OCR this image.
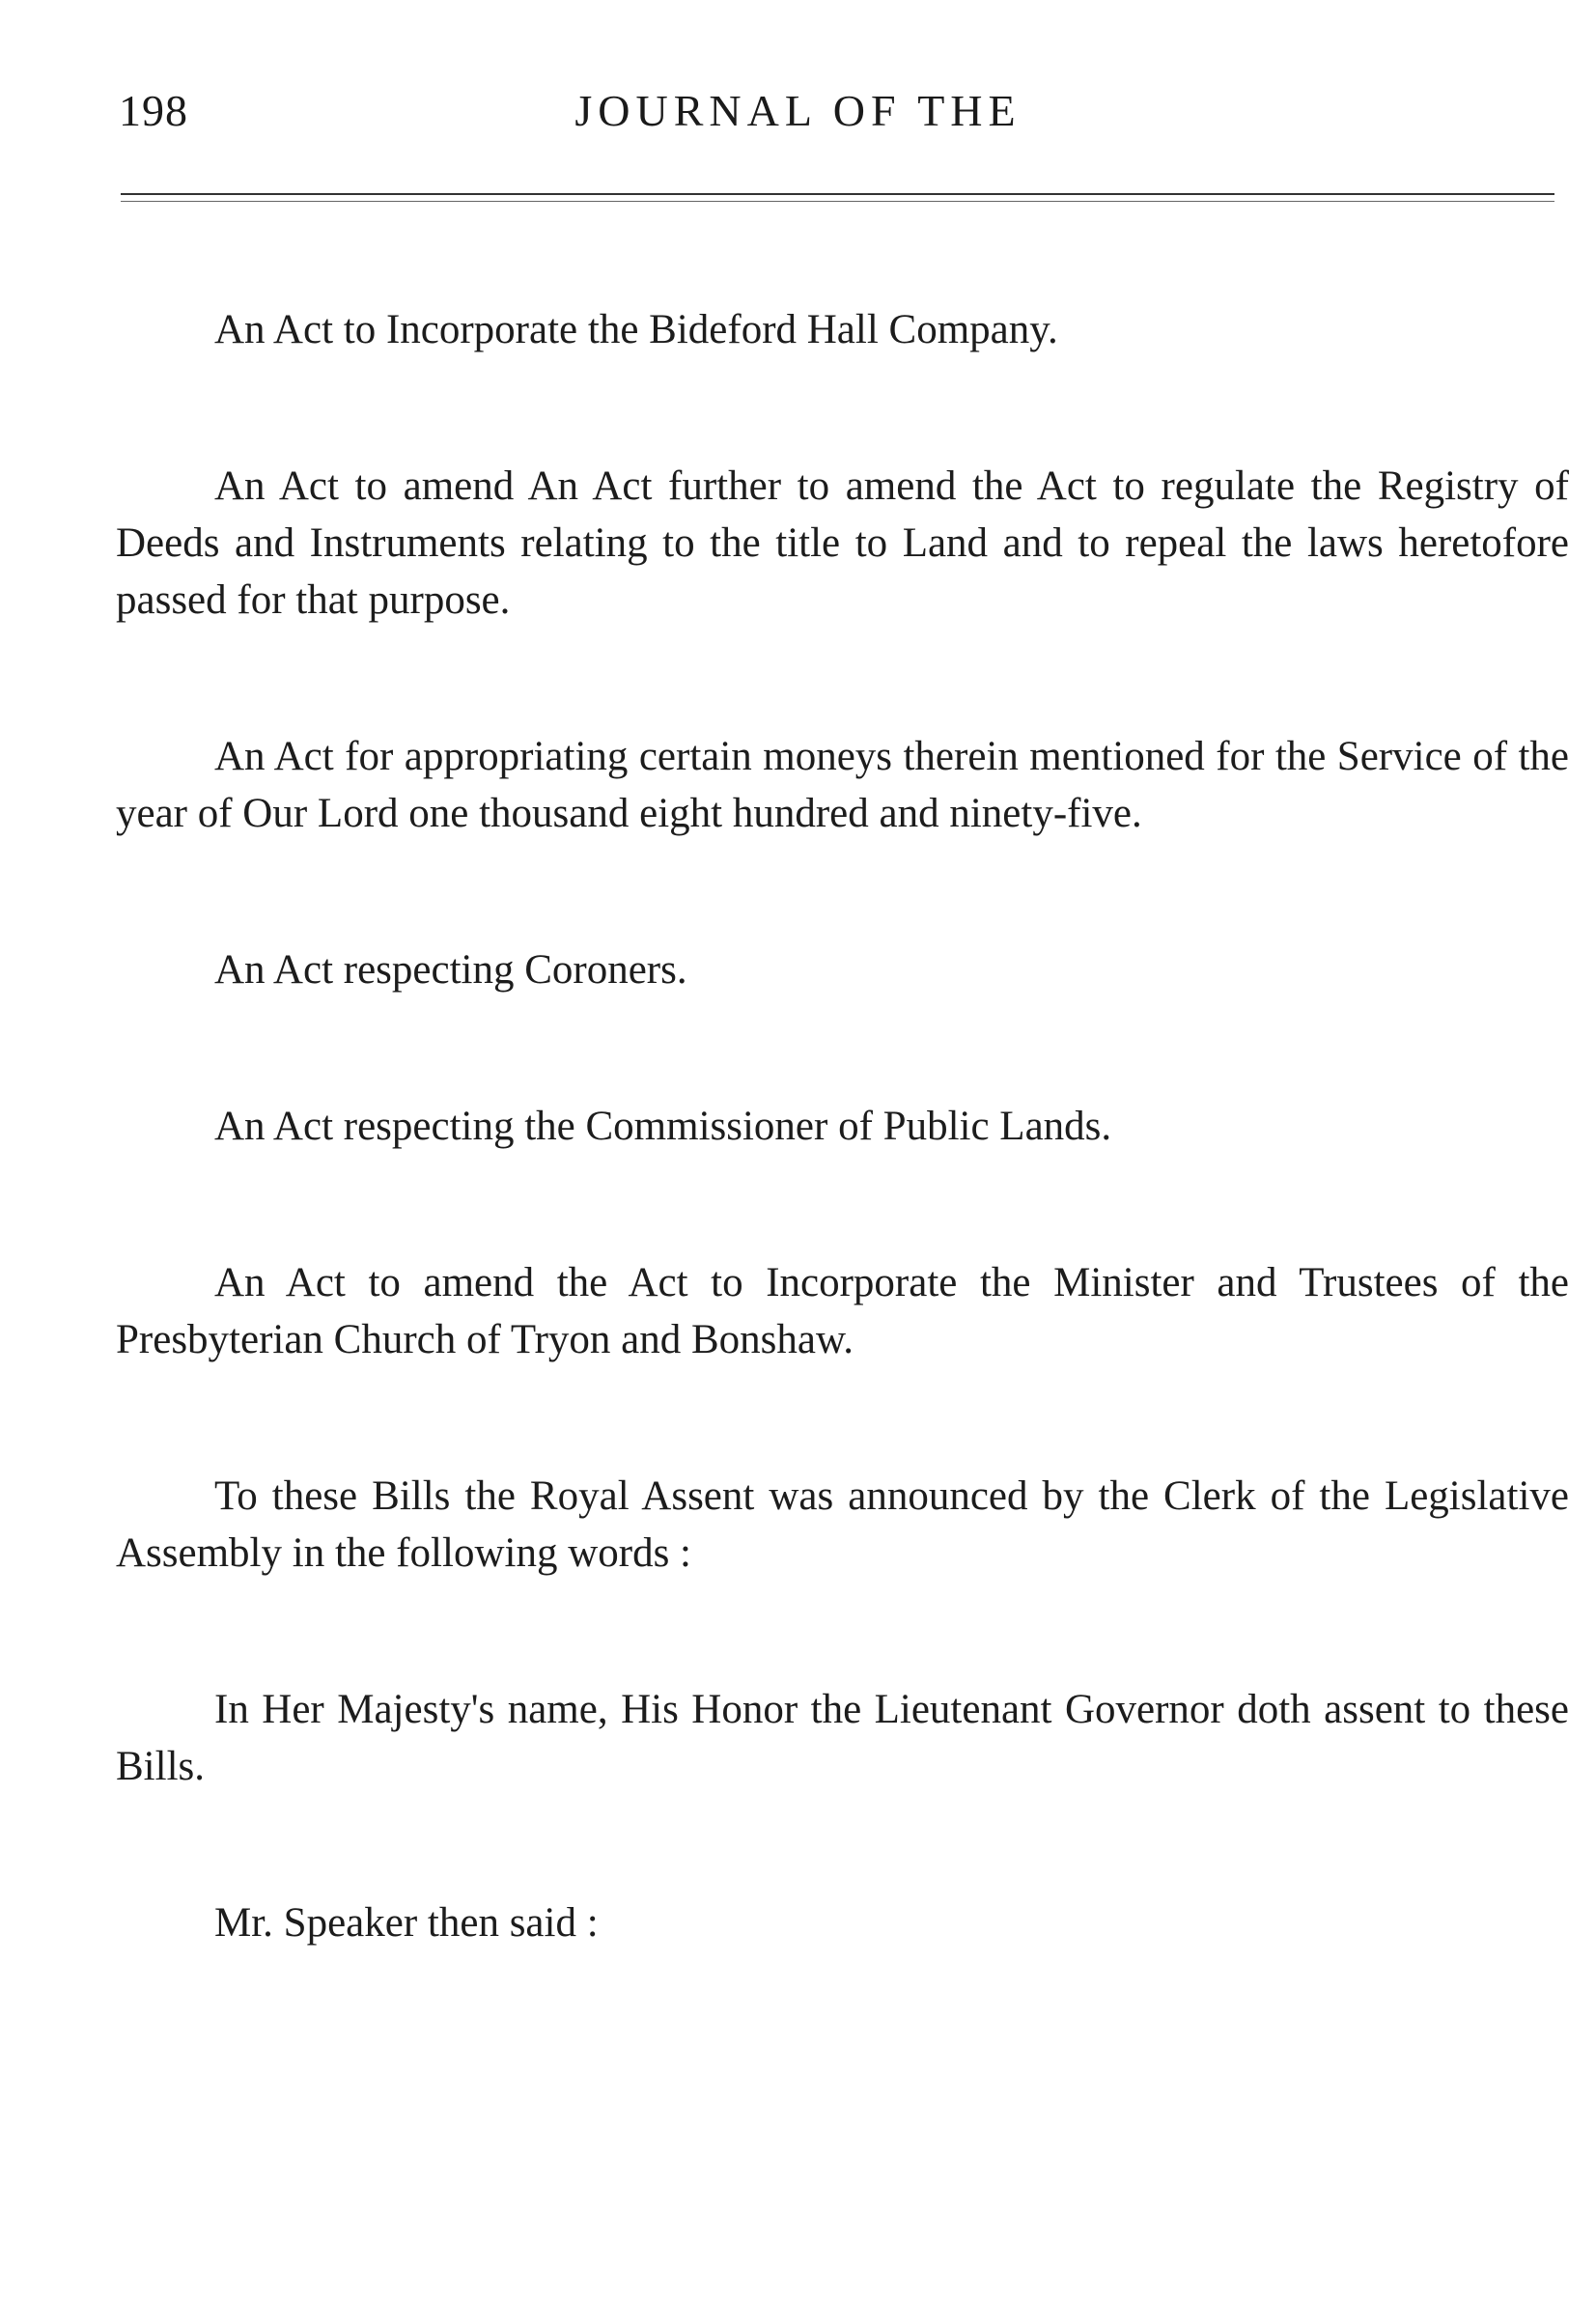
198	JOURNAL OF THE

An Act to Incorporate the Bideford Hall Company.

An Act to amend An Act further to amend the Act to regulate the Registry of Deeds and Instruments relating to the title to Land and to repeal the laws heretofore passed for that purpose.

An Act for appropriating certain moneys therein mentioned for the Service of the year of Our Lord one thousand eight hundred and ninety-five.

An Act respecting Coroners.

An Act respecting the Commissioner of Public Lands.

An Act to amend the Act to Incorporate the Minister and Trustees of the Presbyterian Church of Tryon and Bonshaw.

To these Bills the Royal Assent was announced by the Clerk of the Legislative Assembly in the following words :

In Her Majesty's name, His Honor the Lieutenant Governor doth assent to these Bills.

Mr. Speaker then said :
